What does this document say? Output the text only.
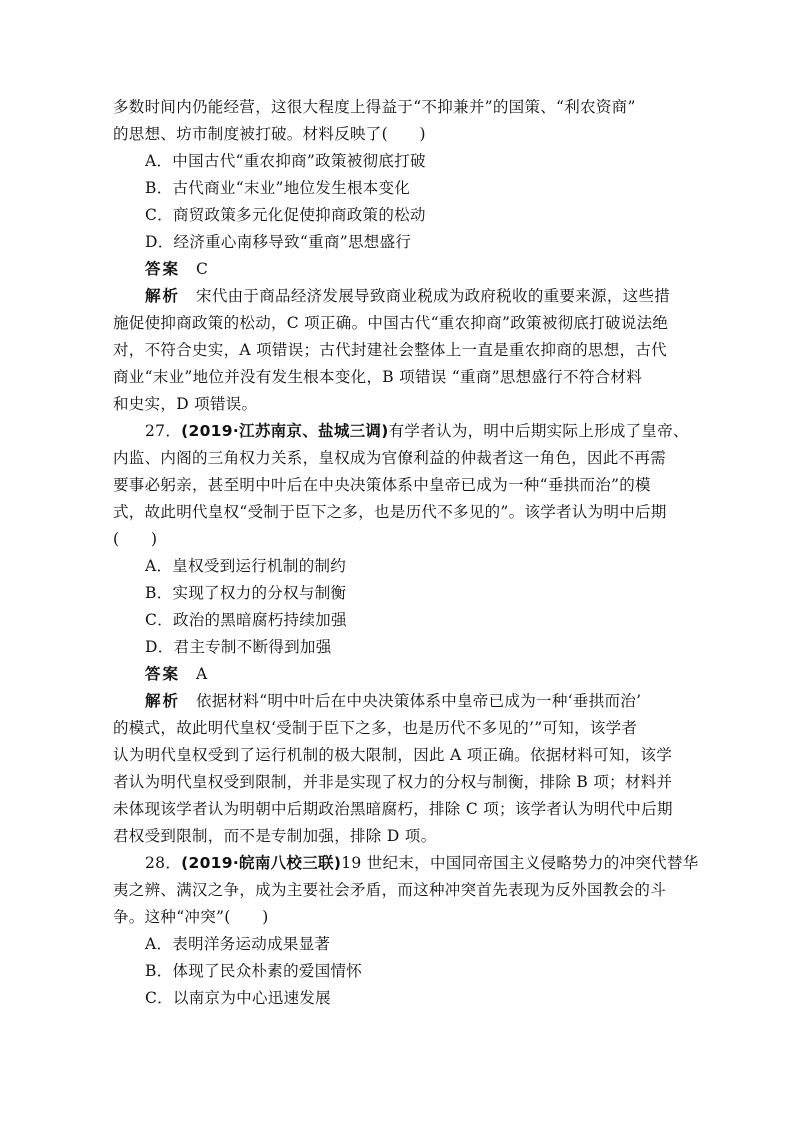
多数时间内仍能经营，这很大程度上得益于“不抑兼并”的国策、“利农资商”
的思想、坊市制度被打破。材料反映了(　　)
A．中国古代“重农抑商”政策被彻底打破
B．古代商业“末业”地位发生根本变化
C．商贸政策多元化促使抑商政策的松动
D．经济重心南移导致“重商”思想盛行
答案 C
解析 宋代由于商品经济发展导致商业税成为政府税收的重要来源，这些措
施促使抑商政策的松动，C 项正确。中国古代“重农抑商”政策被彻底打破说法绝
对，不符合史实，A 项错误；古代封建社会整体上一直是重农抑商的思想，古代
商业“末业”地位并没有发生根本变化，B 项错误 “重商”思想盛行不符合材料
和史实，D 项错误。
27．(2019·江苏南京、盐城三调)有学者认为，明中后期实际上形成了皇帝、
内监、内阁的三角权力关系，皇权成为官僚利益的仲裁者这一角色，因此不再需
要事必躬亲，甚至明中叶后在中央决策体系中皇帝已成为一种“垂拱而治”的模
式，故此明代皇权“受制于臣下之多，也是历代不多见的”。该学者认为明中后期
(　　)
A．皇权受到运行机制的制约
B．实现了权力的分权与制衡
C．政治的黑暗腐朽持续加强
D．君主专制不断得到加强
答案 A
解析 依据材料“明中叶后在中央决策体系中皇帝已成为一种‘垂拱而治’
的模式，故此明代皇权‘受制于臣下之多，也是历代不多见的’”可知，该学者
认为明代皇权受到了运行机制的极大限制，因此 A 项正确。依据材料可知，该学
者认为明代皇权受到限制，并非是实现了权力的分权与制衡，排除 B 项；材料并
未体现该学者认为明朝中后期政治黑暗腐朽，排除 C 项；该学者认为明代中后期
君权受到限制，而不是专制加强，排除 D 项。
28．(2019·皖南八校三联)19 世纪末，中国同帝国主义侵略势力的冲突代替华
夷之辨、满汉之争，成为主要社会矛盾，而这种冲突首先表现为反外国教会的斗
争。这种“冲突”(　　)
A．表明洋务运动成果显著
B．体现了民众朴素的爱国情怀
C．以南京为中心迅速发展
